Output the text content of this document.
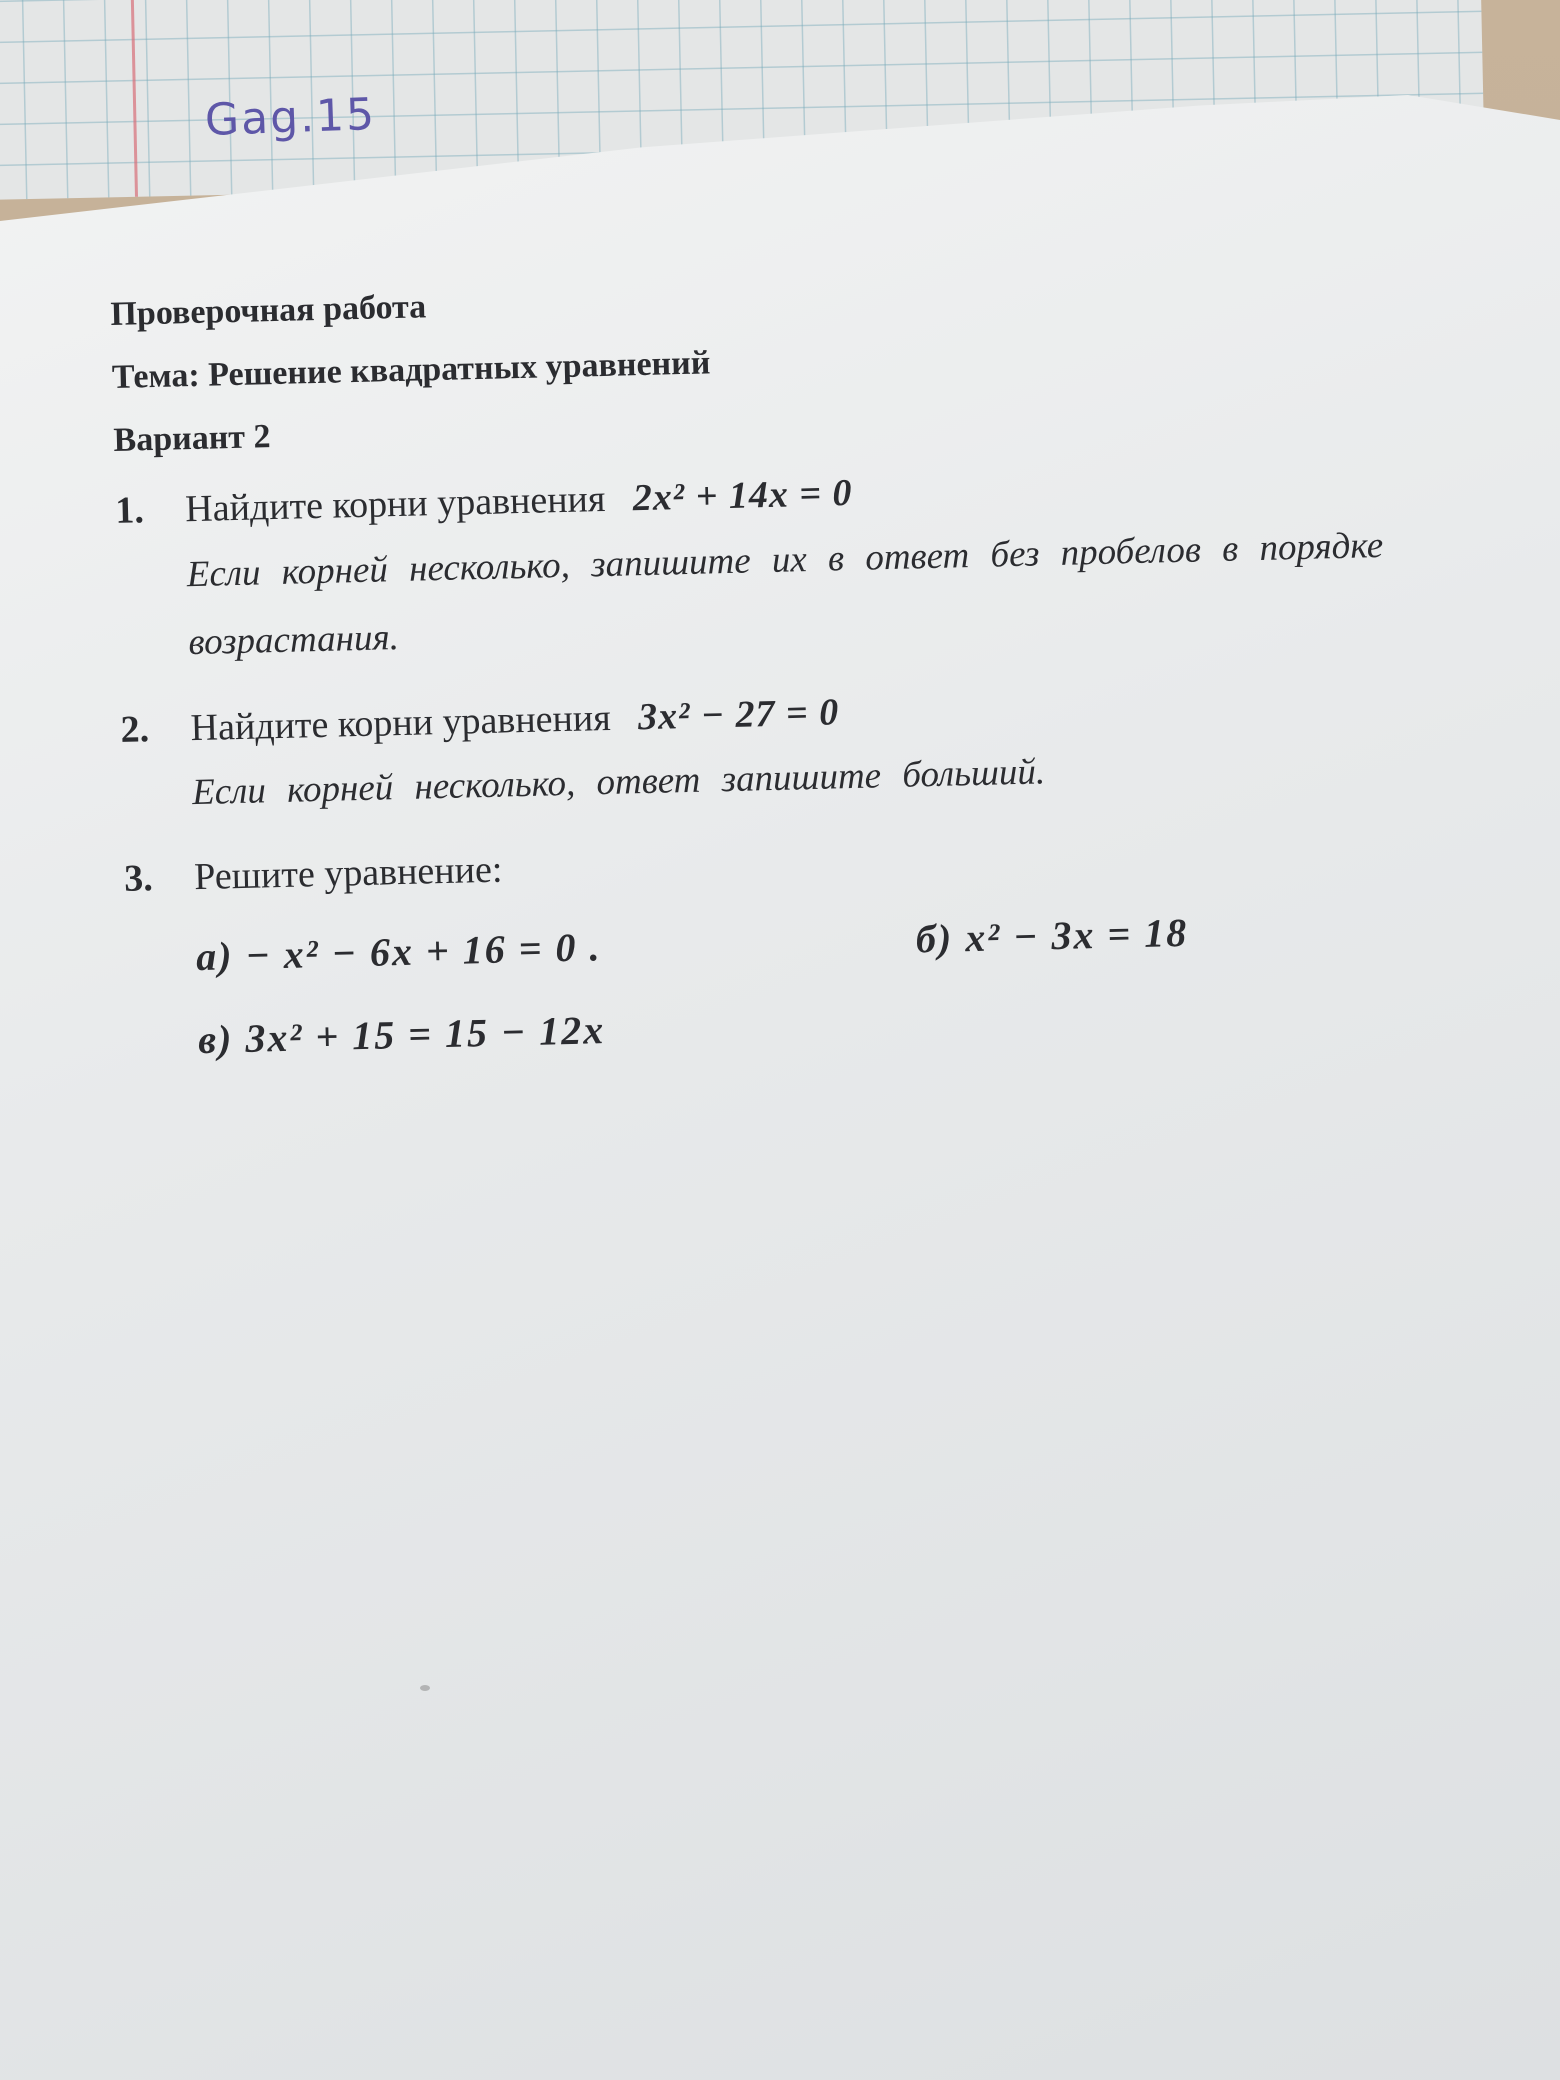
Gag.15
Проверочная работа
Тема: Решение квадратных уравнений
Вариант 2
1. Найдите корни уравнения 2x² + 14x = 0
Если корней несколько, запишите их в ответ без пробелов в порядке возрастания.
2. Найдите корни уравнения 3x² − 27 = 0
Если корней несколько, ответ запишите больший.
3. Решите уравнение:
а) − x² − 6x + 16 = 0 .	б) x² − 3x = 18
в) 3x² + 15 = 15 − 12x
